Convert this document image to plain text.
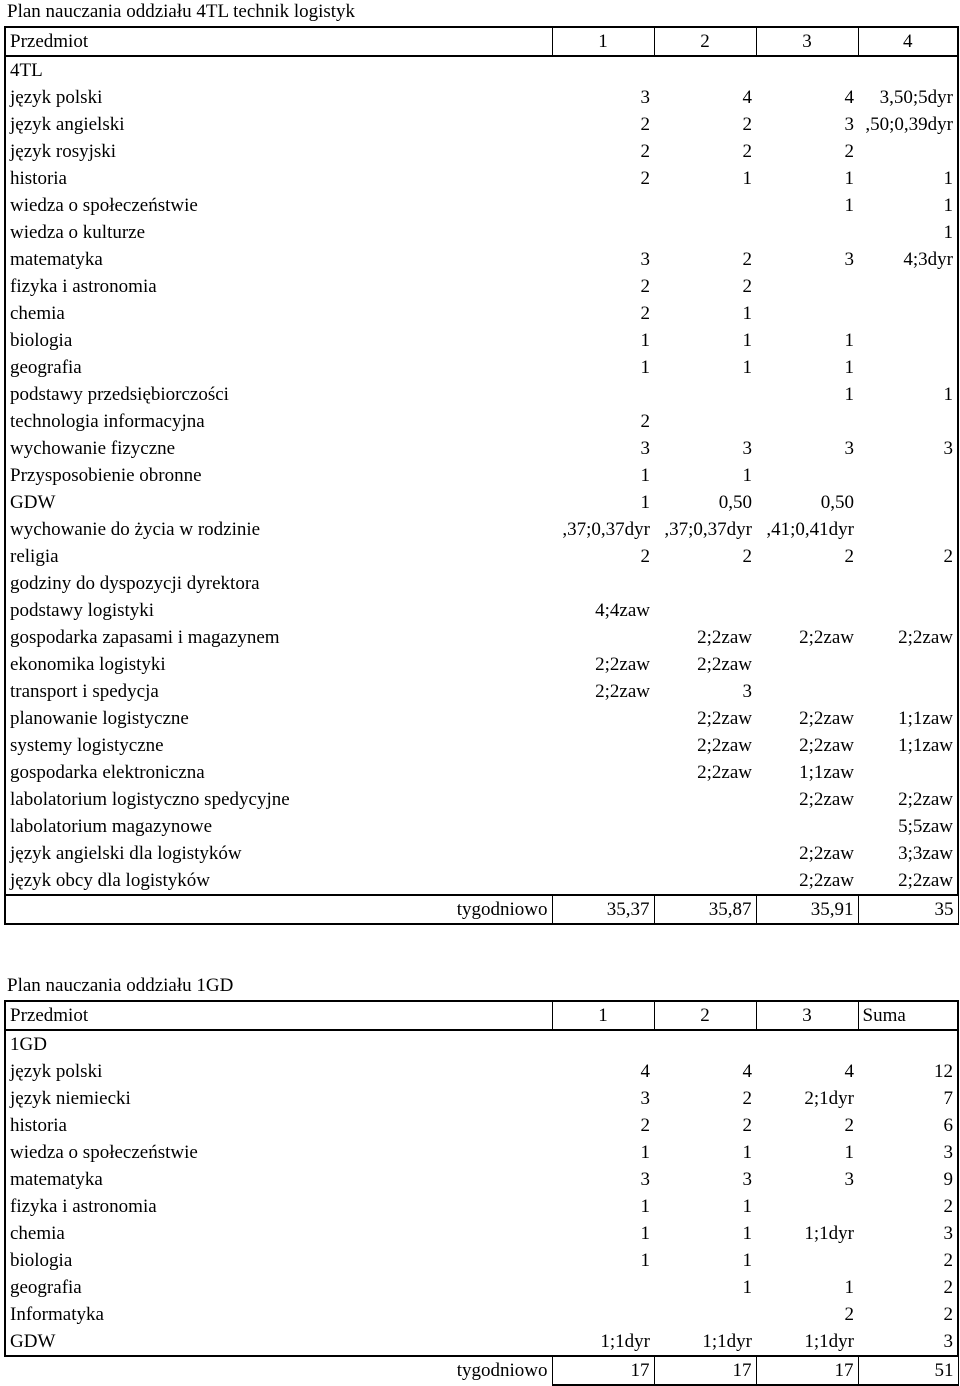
Plan nauczania oddziału 4TL technik logistyk
Przedmiot	1	2	3	4
4TL				
język polski	3	4	4	3,50;5dyr
język angielski	2	2	3	,50;0,39dyr
język rosyjski	2	2	2	
historia	2	1	1	1
wiedza o społeczeństwie			1	1
wiedza o kulturze				1
matematyka	3	2	3	4;3dyr
fizyka i astronomia	2	2		
chemia	2	1		
biologia	1	1	1	
geografia	1	1	1	
podstawy przedsiębiorczości			1	1
technologia informacyjna	2			
wychowanie fizyczne	3	3	3	3
Przysposobienie obronne	1	1		
GDW	1	0,50	0,50	
wychowanie do życia w rodzinie	,37;0,37dyr	,37;0,37dyr	,41;0,41dyr	
religia	2	2	2	2
godziny do dyspozycji dyrektora				
podstawy logistyki	4;4zaw			
gospodarka zapasami i magazynem		2;2zaw	2;2zaw	2;2zaw
ekonomika logistyki	2;2zaw	2;2zaw		
transport i spedycja	2;2zaw	3		
planowanie logistyczne		2;2zaw	2;2zaw	1;1zaw
systemy logistyczne		2;2zaw	2;2zaw	1;1zaw
gospodarka elektroniczna		2;2zaw	1;1zaw	
labolatorium logistyczno spedycyjne			2;2zaw	2;2zaw
labolatorium magazynowe				5;5zaw
język angielski dla logistyków			2;2zaw	3;3zaw
język obcy dla logistyków			2;2zaw	2;2zaw
tygodniowo	35,37	35,87	35,91	35
Plan nauczania oddziału 1GD
Przedmiot	1	2	3	Suma
1GD				
język polski	4	4	4	12
język niemiecki	3	2	2;1dyr	7
historia	2	2	2	6
wiedza o społeczeństwie	1	1	1	3
matematyka	3	3	3	9
fizyka i astronomia	1	1		2
chemia	1	1	1;1dyr	3
biologia	1	1		2
geografia		1	1	2
Informatyka			2	2
GDW	1;1dyr	1;1dyr	1;1dyr	3
tygodniowo	17	17	17	51
